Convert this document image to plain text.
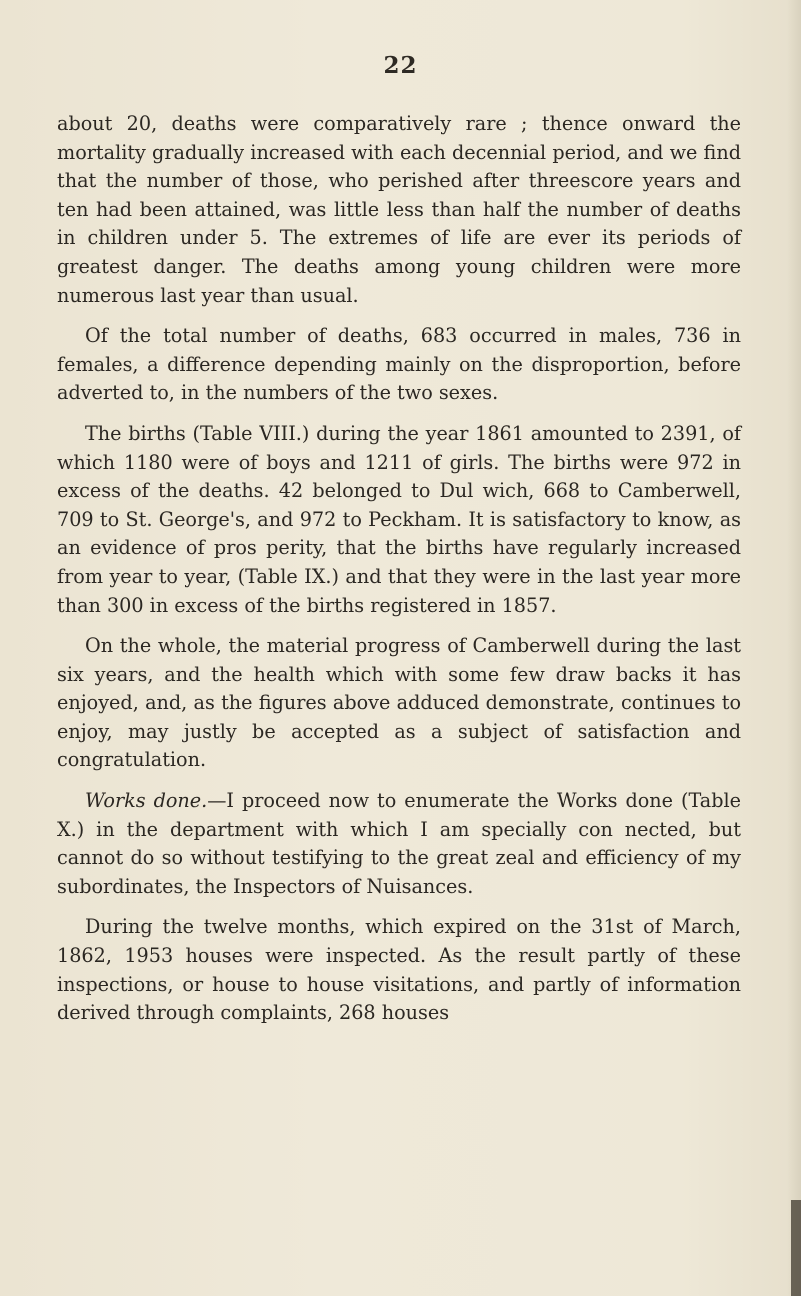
22

about 20, deaths were comparatively rare ; thence onward the mortality gradually increased with each decennial period, and we find that the number of those, who perished after threescore years and ten had been attained, was little less than half the number of deaths in children under 5. The extremes of life are ever its periods of greatest danger. The deaths among young children were more numerous last year than usual.

Of the total number of deaths, 683 occurred in males, 736 in females, a difference depending mainly on the disproportion, before adverted to, in the numbers of the two sexes.

The births (Table VIII.) during the year 1861 amounted to 2391, of which 1180 were of boys and 1211 of girls. The births were 972 in excess of the deaths. 42 belonged to Dul wich, 668 to Camberwell, 709 to St. George's, and 972 to Peckham. It is satisfactory to know, as an evidence of pros perity, that the births have regularly increased from year to year, (Table IX.) and that they were in the last year more than 300 in excess of the births registered in 1857.

On the whole, the material progress of Camberwell during the last six years, and the health which with some few draw backs it has enjoyed, and, as the figures above adduced demonstrate, continues to enjoy, may justly be accepted as a subject of satisfaction and congratulation.

Works done.—I proceed now to enumerate the Works done (Table X.) in the department with which I am specially con nected, but cannot do so without testifying to the great zeal and efficiency of my subordinates, the Inspectors of Nuisances.

During the twelve months, which expired on the 31st of March, 1862, 1953 houses were inspected. As the result partly of these inspections, or house to house visitations, and partly of information derived through complaints, 268 houses
